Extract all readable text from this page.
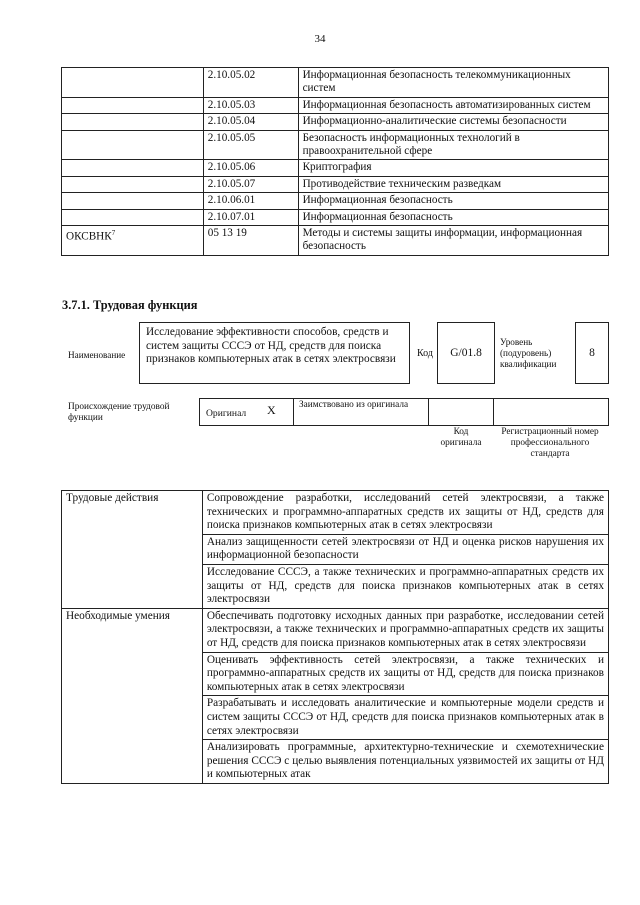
34
	2.10.05.02	Информационная безопасность телекоммуникационных систем
	2.10.05.03	Информационная безопасность автоматизированных систем
	2.10.05.04	Информационно-аналитические системы безопасности
	2.10.05.05	Безопасность информационных технологий в правоохранительной сфере
	2.10.05.06	Криптография
	2.10.05.07	Противодействие техническим разведкам
	2.10.06.01	Информационная безопасность
	2.10.07.01	Информационная безопасность
ОКСВНК$^7$	05 13 19	Методы и системы защиты информации, информационная безопасность
3.7.1. Трудовая функция
Наименование
Исследование эффективности способов, средств и систем защиты СССЭ от НД, средств для поиска признаков компьютерных атак в сетях электросвязи	Код	G/01.8
Уровень (подуровень) квалификации
8
Происхождение трудовой функции	Оригинал X	Заимствовано из оригинала
Код оригинала
Регистрационный номер профессионального стандарта
Трудовые действия	Сопровождение разработки, исследований сетей электросвязи, а также технических и программно-аппаратных средств их защиты от НД, средств для поиска признаков компьютерных атак в сетях электросвязи
	Анализ защищенности сетей электросвязи от НД и оценка рисков нарушения их информационной безопасности
	Исследование СССЭ, а также технических и программно-аппаратных средств их защиты от НД, средств для поиска признаков компьютерных атак в сетях электросвязи
Необходимые умения	Обеспечивать подготовку исходных данных при разработке, исследовании сетей электросвязи, а также технических и программно-аппаратных средств их защиты от НД, средств для поиска признаков компьютерных атак в сетях электросвязи
	Оценивать эффективность сетей электросвязи, а также технических и программно-аппаратных средств их защиты от НД, средств для поиска признаков компьютерных атак в сетях электросвязи
	Разрабатывать и исследовать аналитические и компьютерные модели средств и систем защиты СССЭ от НД, средств для поиска признаков компьютерных атак в сетях электросвязи
	Анализировать программные, архитектурно-технические и схемотехнические решения СССЭ с целью выявления потенциальных уязвимостей их защиты от НД и компьютерных атак
